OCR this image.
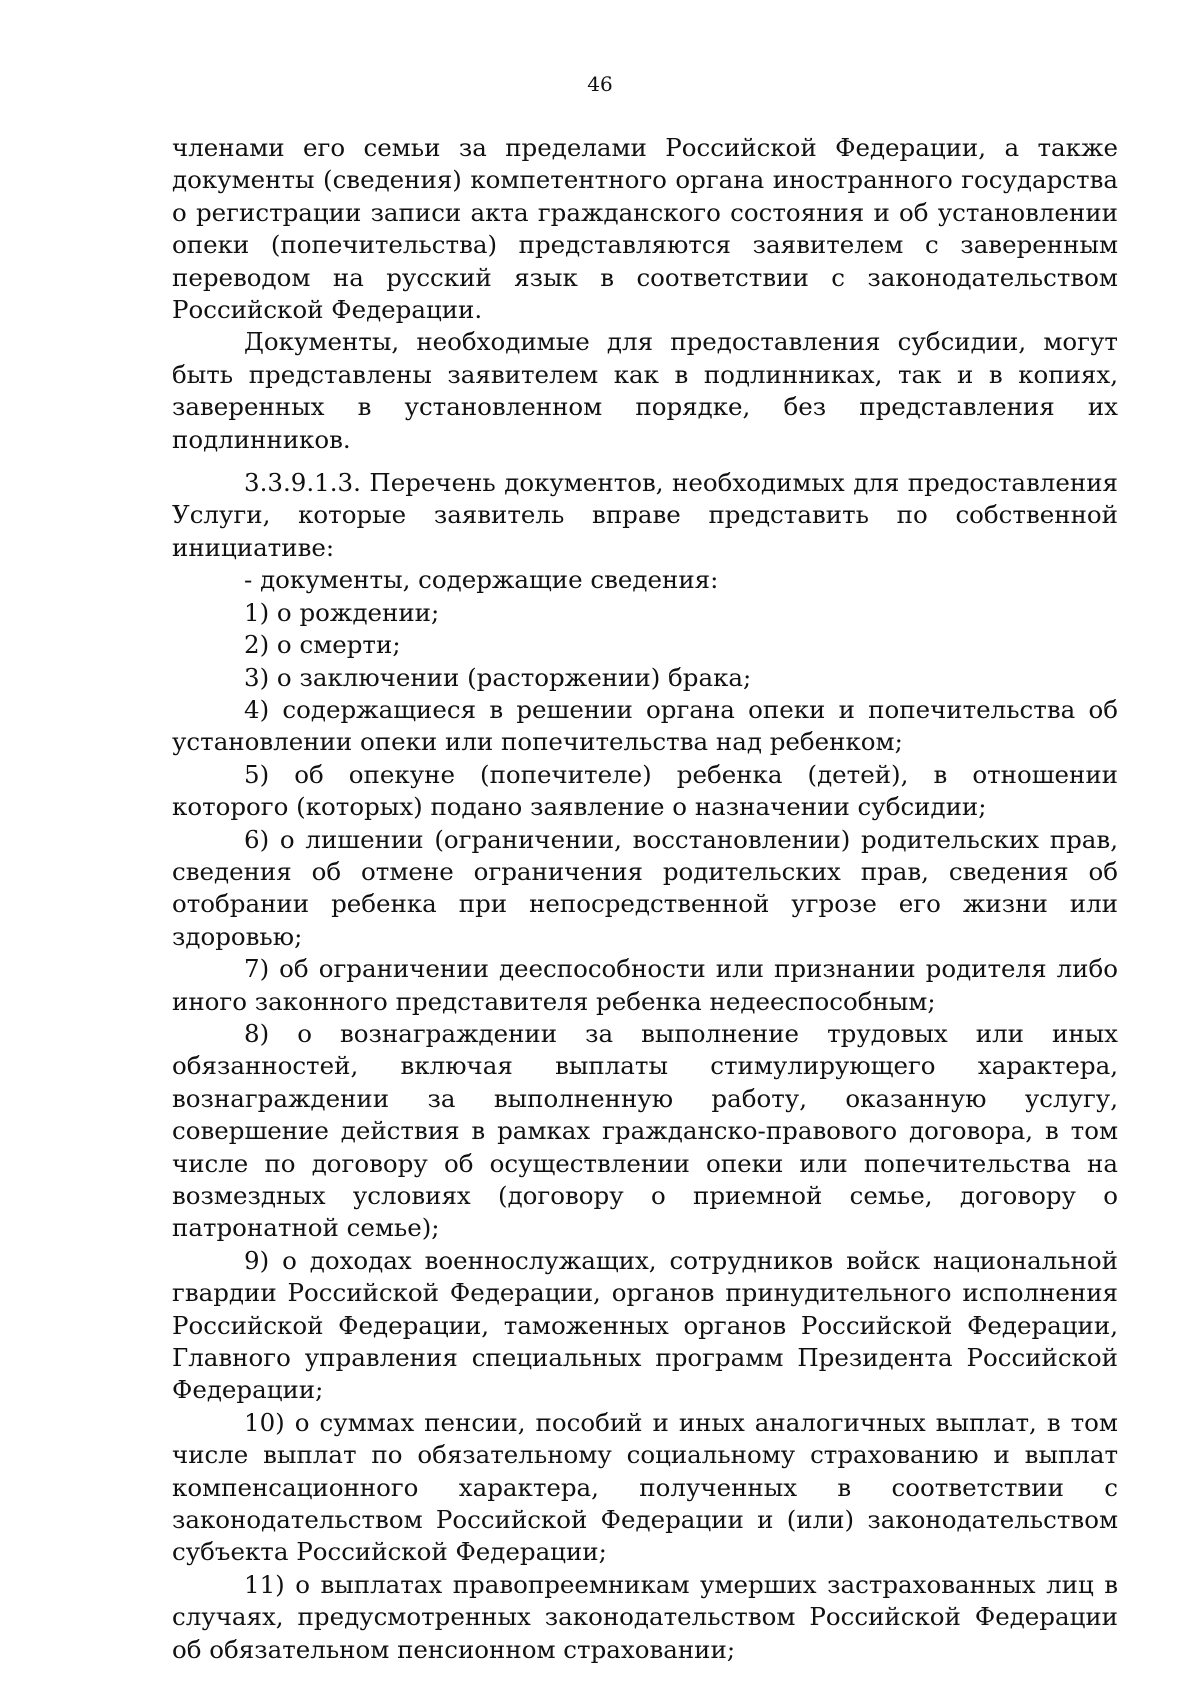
46

членами его семьи за пределами Российской Федерации, а также документы (сведения) компетентного органа иностранного государства о регистрации записи акта гражданского состояния и об установлении опеки (попечительства) представляются заявителем с заверенным переводом на русский язык в соответствии с законодательством Российской Федерации.

Документы, необходимые для предоставления субсидии, могут быть представлены заявителем как в подлинниках, так и в копиях, заверенных в установленном порядке, без представления их подлинников.

3.3.9.1.3. Перечень документов, необходимых для предоставления Услуги, которые заявитель вправе представить по собственной инициативе:

- документы, содержащие сведения:

1) о рождении;

2) о смерти;

3) о заключении (расторжении) брака;

4) содержащиеся в решении органа опеки и попечительства об установлении опеки или попечительства над ребенком;

5) об опекуне (попечителе) ребенка (детей), в отношении которого (которых) подано заявление о назначении субсидии;

6) о лишении (ограничении, восстановлении) родительских прав, сведения об отмене ограничения родительских прав, сведения об отобрании ребенка при непосредственной угрозе его жизни или здоровью;

7) об ограничении дееспособности или признании родителя либо иного законного представителя ребенка недееспособным;

8) о вознаграждении за выполнение трудовых или иных обязанностей, включая выплаты стимулирующего характера, вознаграждении за выполненную работу, оказанную услугу, совершение действия в рамках гражданско-правового договора, в том числе по договору об осуществлении опеки или попечительства на возмездных условиях (договору о приемной семье, договору о патронатной семье);

9) о доходах военнослужащих, сотрудников войск национальной гвардии Российской Федерации, органов принудительного исполнения Российской Федерации, таможенных органов Российской Федерации, Главного управления специальных программ Президента Российской Федерации;

10) о суммах пенсии, пособий и иных аналогичных выплат, в том числе выплат по обязательному социальному страхованию и выплат компенсационного характера, полученных в соответствии с законодательством Российской Федерации и (или) законодательством субъекта Российской Федерации;

11) о выплатах правопреемникам умерших застрахованных лиц в случаях, предусмотренных законодательством Российской Федерации об обязательном пенсионном страховании;
